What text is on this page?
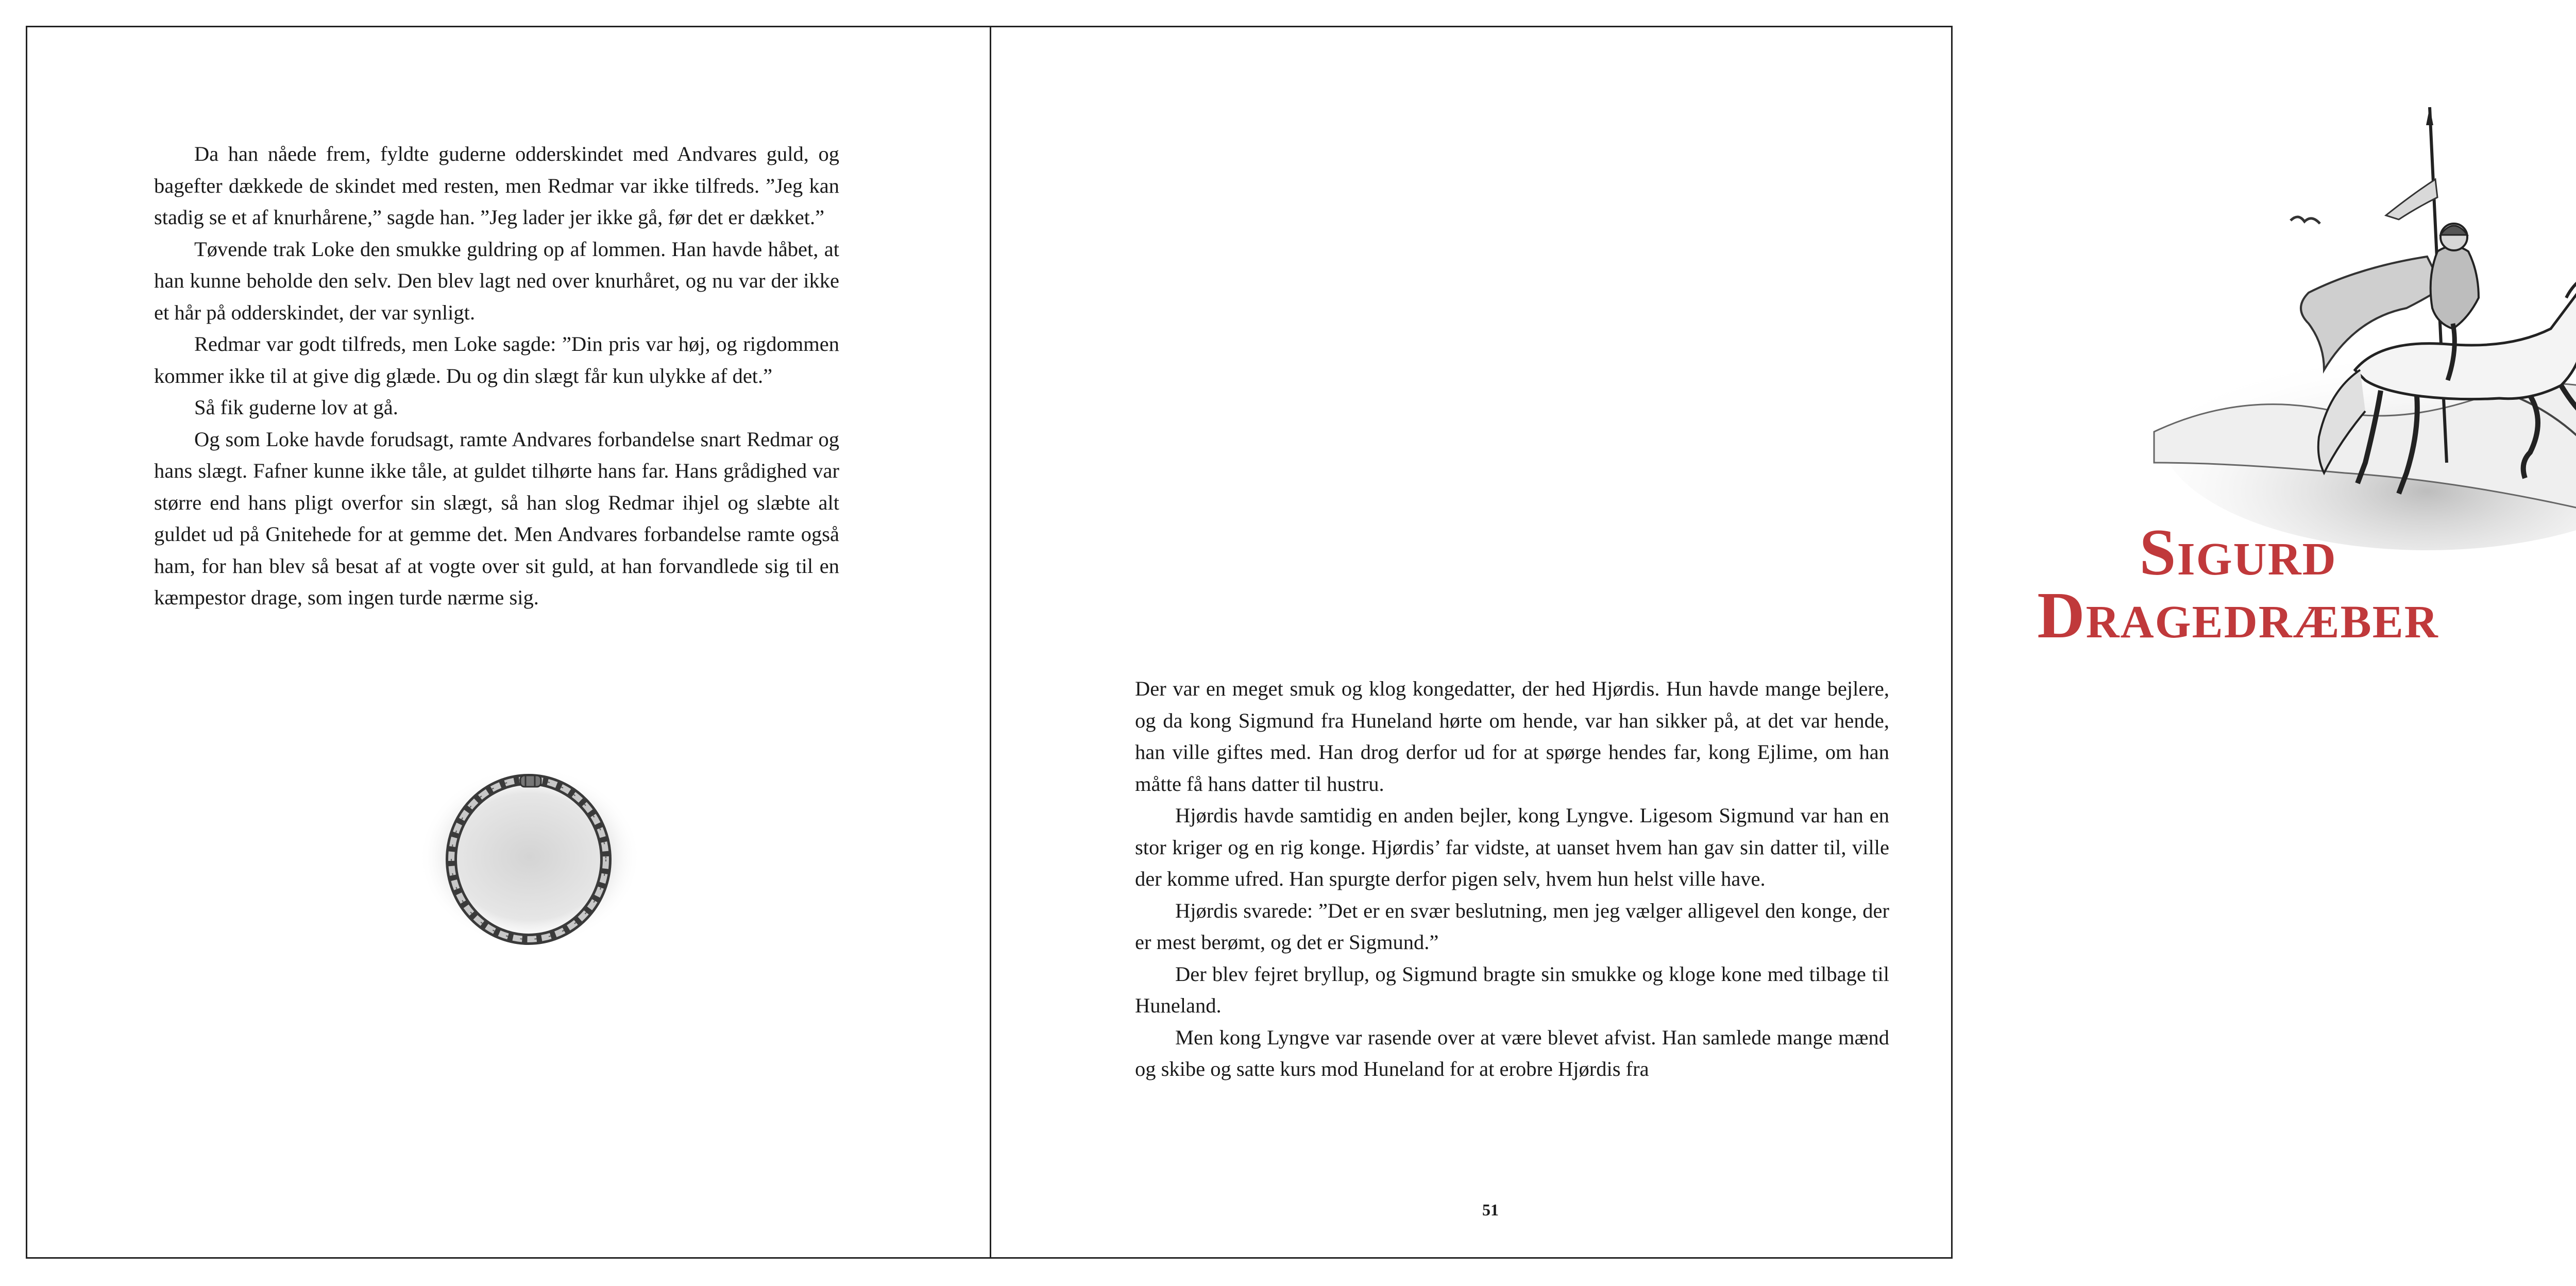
Da han nåede frem, fyldte guderne odderskindet med Andvares guld, og bagefter dækkede de skindet med resten, men Redmar var ikke tilfreds. ”Jeg kan stadig se et af knurhårene,” sagde han. ”Jeg lader jer ikke gå, før det er dækket.”

Tøvende trak Loke den smukke guldring op af lommen. Han havde håbet, at han kunne beholde den selv. Den blev lagt ned over knurhåret, og nu var der ikke et hår på odderskindet, der var synligt.

Redmar var godt tilfreds, men Loke sagde: ”Din pris var høj, og rigdommen kommer ikke til at give dig glæde. Du og din slægt får kun ulykke af det.”

Så fik guderne lov at gå.

Og som Loke havde forudsagt, ramte Andvares forbandelse snart Redmar og hans slægt. Fafner kunne ikke tåle, at guldet tilhørte hans far. Hans grådighed var større end hans pligt overfor sin slægt, så han slog Redmar ihjel og slæbte alt guldet ud på Gnitehede for at gemme det. Men Andvares forbandelse ramte også ham, for han blev så besat af at vogte over sit guld, at han forvandlede sig til en kæmpestor drage, som ingen turde nærme sig.

Sigurd
Dragedræber

Der var en meget smuk og klog kongedatter, der hed Hjørdis. Hun havde mange bejlere, og da kong Sigmund fra Huneland hørte om hende, var han sikker på, at det var hende, han ville giftes med. Han drog derfor ud for at spørge hendes far, kong Ejlime, om han måtte få hans datter til hustru.

Hjørdis havde samtidig en anden bejler, kong Lyngve. Ligesom Sigmund var han en stor kriger og en rig konge. Hjørdis’ far vidste, at uanset hvem han gav sin datter til, ville der komme ufred. Han spurgte derfor pigen selv, hvem hun helst ville have.

Hjørdis svarede: ”Det er en svær beslutning, men jeg vælger alligevel den konge, der er mest berømt, og det er Sigmund.”

Der blev fejret bryllup, og Sigmund bragte sin smukke og kloge kone med tilbage til Huneland.

Men kong Lyngve var rasende over at være blevet afvist. Han samlede mange mænd og skibe og satte kurs mod Huneland for at erobre Hjørdis fra

51
